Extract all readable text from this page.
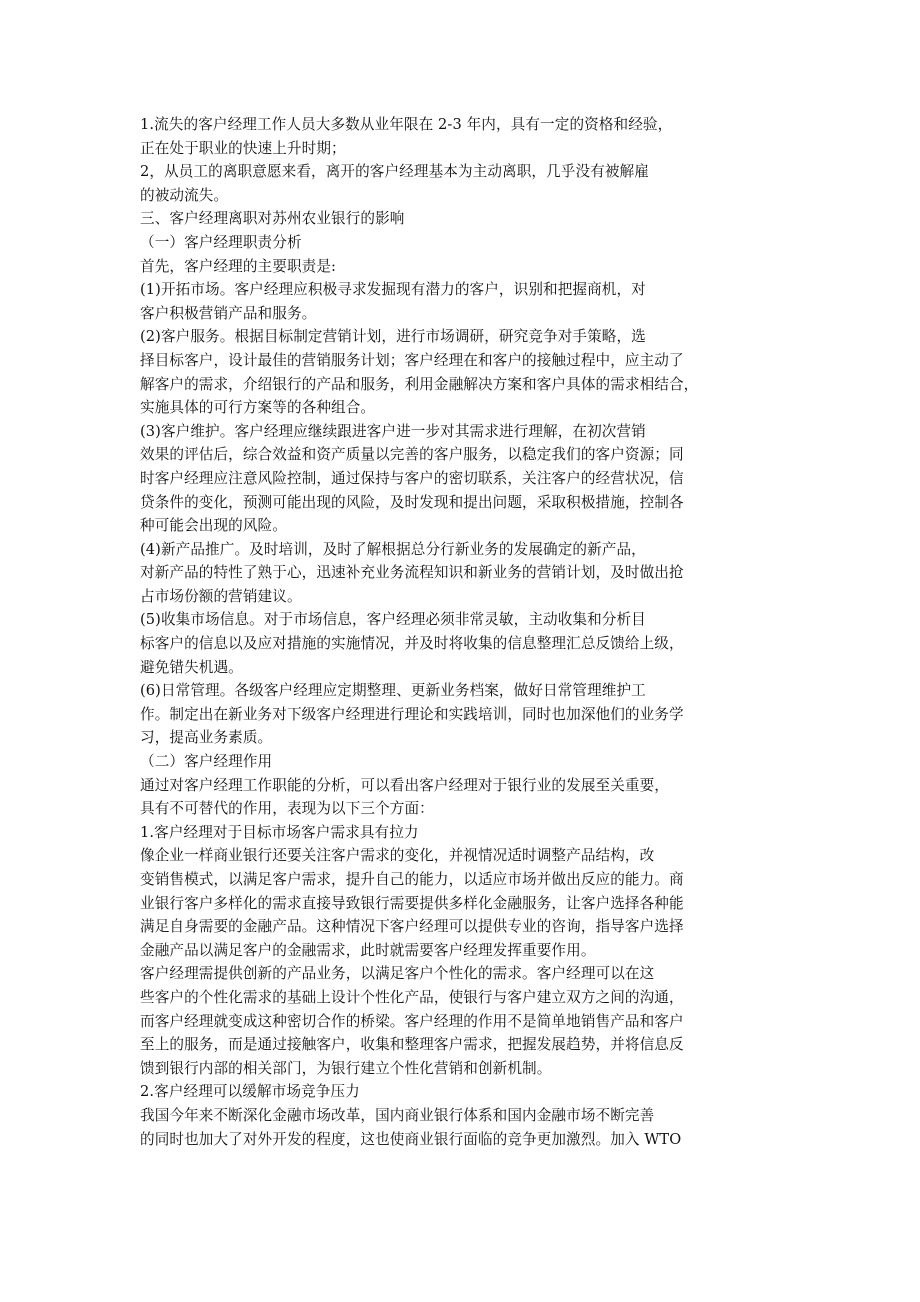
1.流失的客户经理工作人员大多数从业年限在 2-3 年内，具有一定的资格和经验，
正在处于职业的快速上升时期；
2，从员工的离职意愿来看，离开的客户经理基本为主动离职，几乎没有被解雇
的被动流失。
三、客户经理离职对苏州农业银行的影响
（一）客户经理职责分析
首先，客户经理的主要职责是:
(1)开拓市场。客户经理应积极寻求发掘现有潜力的客户，识别和把握商机，对
客户积极营销产品和服务。
(2)客户服务。根据目标制定营销计划，进行市场调研，研究竞争对手策略，选
择目标客户，设计最佳的营销服务计划；客户经理在和客户的接触过程中，应主动了
解客户的需求，介绍银行的产品和服务，利用金融解决方案和客户具体的需求相结合，
实施具体的可行方案等的各种组合。
(3)客户维护。客户经理应继续跟进客户进一步对其需求进行理解，在初次营销
效果的评估后，综合效益和资产质量以完善的客户服务，以稳定我们的客户资源；同
时客户经理应注意风险控制，通过保持与客户的密切联系，关注客户的经营状况，信
贷条件的变化，预测可能出现的风险，及时发现和提出问题，采取积极措施，控制各
种可能会出现的风险。
(4)新产品推广。及时培训，及时了解根据总分行新业务的发展确定的新产品，
对新产品的特性了熟于心，迅速补充业务流程知识和新业务的营销计划，及时做出抢
占市场份额的营销建议。
(5)收集市场信息。对于市场信息，客户经理必须非常灵敏，主动收集和分析目
标客户的信息以及应对措施的实施情况，并及时将收集的信息整理汇总反馈给上级，
避免错失机遇。
(6)日常管理。各级客户经理应定期整理、更新业务档案，做好日常管理维护工
作。制定出在新业务对下级客户经理进行理论和实践培训，同时也加深他们的业务学
习，提高业务素质。
（二）客户经理作用
通过对客户经理工作职能的分析，可以看出客户经理对于银行业的发展至关重要，
具有不可替代的作用，表现为以下三个方面：
1.客户经理对于目标市场客户需求具有拉力
像企业一样商业银行还要关注客户需求的变化，并视情况适时调整产品结构，改
变销售模式，以满足客户需求，提升自己的能力，以适应市场并做出反应的能力。商
业银行客户多样化的需求直接导致银行需要提供多样化金融服务，让客户选择各种能
满足自身需要的金融产品。这种情况下客户经理可以提供专业的咨询，指导客户选择
金融产品以满足客户的金融需求，此时就需要客户经理发挥重要作用。
客户经理需提供创新的产品业务，以满足客户个性化的需求。客户经理可以在这
些客户的个性化需求的基础上设计个性化产品，使银行与客户建立双方之间的沟通，
而客户经理就变成这种密切合作的桥梁。客户经理的作用不是简单地销售产品和客户
至上的服务，而是通过接触客户，收集和整理客户需求，把握发展趋势，并将信息反
馈到银行内部的相关部门，为银行建立个性化营销和创新机制。
2.客户经理可以缓解市场竞争压力
我国今年来不断深化金融市场改革，国内商业银行体系和国内金融市场不断完善
的同时也加大了对外开发的程度，这也使商业银行面临的竞争更加激烈。加入 WTO
